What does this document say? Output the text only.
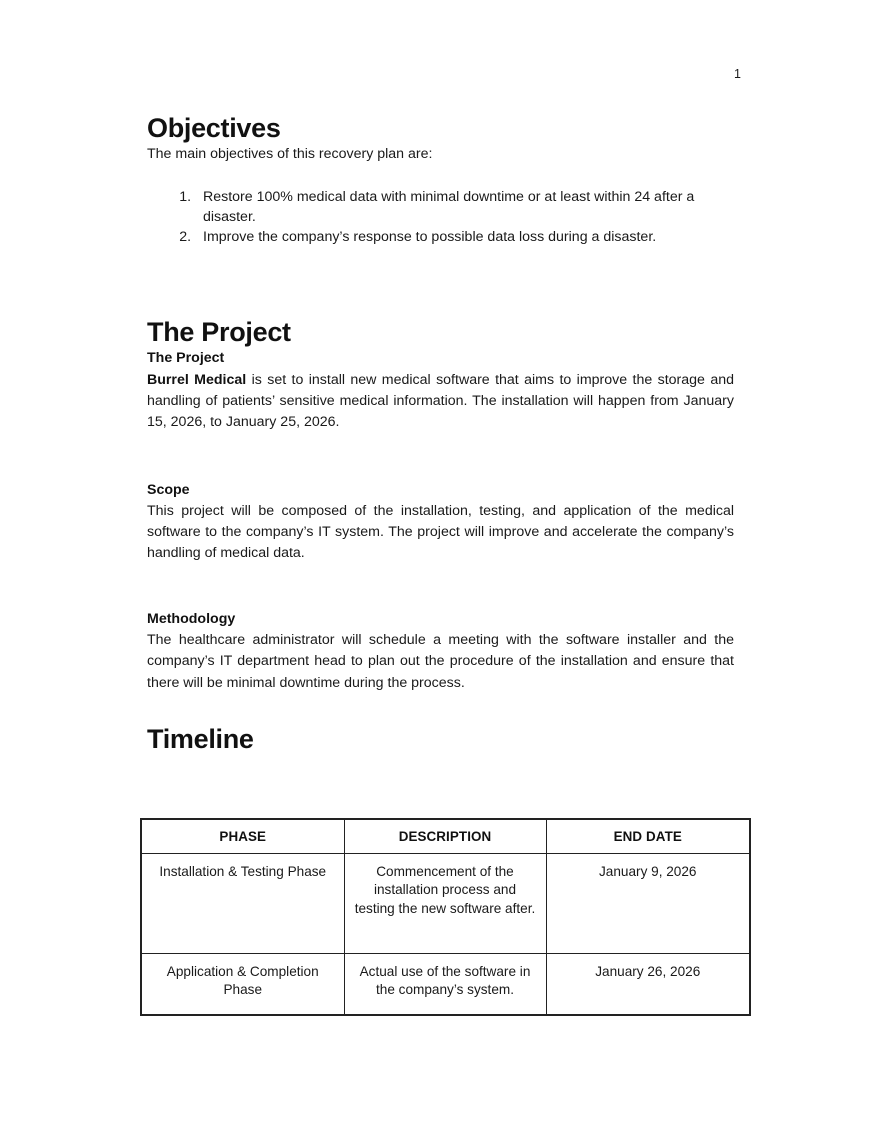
1
Objectives

The main objectives of this recovery plan are:

1. Restore 100% medical data with minimal downtime or at least within 24 after a disaster.
2. Improve the company’s response to possible data loss during a disaster.
The Project
The Project

Burrel Medical is set to install new medical software that aims to improve the storage and handling of patients’ sensitive medical information. The installation will happen from January 15, 2026, to January 25, 2026.

Scope

This project will be composed of the installation, testing, and application of the medical software to the company’s IT system. The project will improve and accelerate the company’s handling of medical data.

Methodology

The healthcare administrator will schedule a meeting with the software installer and the company’s IT department head to plan out the procedure of the installation and ensure that there will be minimal downtime during the process.

Timeline
PHASE	DESCRIPTION	END DATE
Installation & Testing Phase	Commencement of the installation process and testing the new software after.	January 9, 2026
Application & Completion Phase	Actual use of the software in the company’s system.	January 26, 2026
